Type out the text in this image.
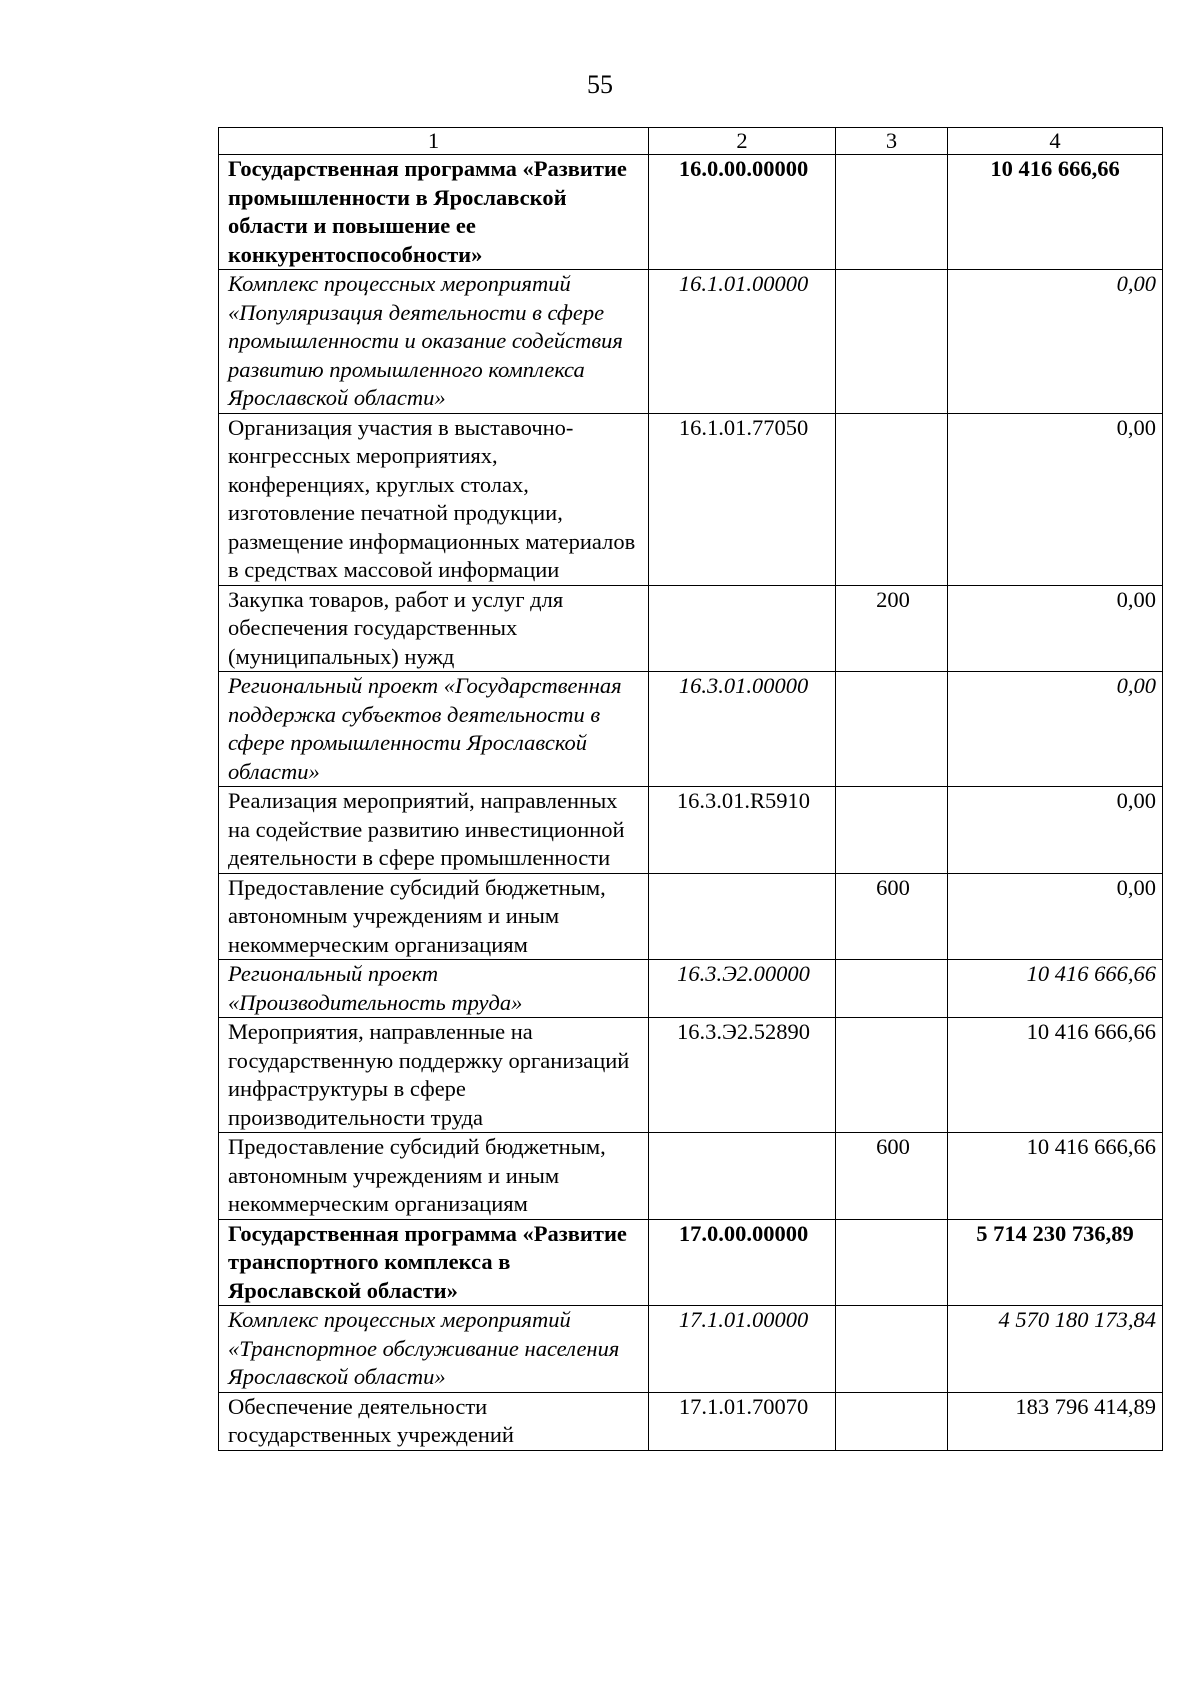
55
1	2	3	4
Государственная программа «Развитие промышленности в Ярославской области и повышение ее конкурентоспособности»	16.0.00.00000		10 416 666,66
Комплекс процессных мероприятий «Популяризация деятельности в сфере промышленности и оказание содействия развитию промышленного комплекса Ярославской области»	16.1.01.00000		0,00
Организация участия в выставочно-конгрессных мероприятиях, конференциях, круглых столах, изготовление печатной продукции, размещение информационных материалов в средствах массовой информации	16.1.01.77050		0,00
Закупка товаров, работ и услуг для обеспечения государственных (муниципальных) нужд		200	0,00
Региональный проект «Государственная поддержка субъектов деятельности в сфере промышленности Ярославской области»	16.3.01.00000		0,00
Реализация мероприятий, направленных на содействие развитию инвестиционной деятельности в сфере промышленности	16.3.01.R5910		0,00
Предоставление субсидий бюджетным, автономным учреждениям и иным некоммерческим организациям		600	0,00
Региональный проект «Производительность труда»	16.3.Э2.00000		10 416 666,66
Мероприятия, направленные на государственную поддержку организаций инфраструктуры в сфере производительности труда	16.3.Э2.52890		10 416 666,66
Предоставление субсидий бюджетным, автономным учреждениям и иным некоммерческим организациям		600	10 416 666,66
Государственная программа «Развитие транспортного комплекса в Ярославской области»	17.0.00.00000		5 714 230 736,89
Комплекс процессных мероприятий «Транспортное обслуживание населения Ярославской области»	17.1.01.00000		4 570 180 173,84
Обеспечение деятельности государственных учреждений	17.1.01.70070		183 796 414,89
